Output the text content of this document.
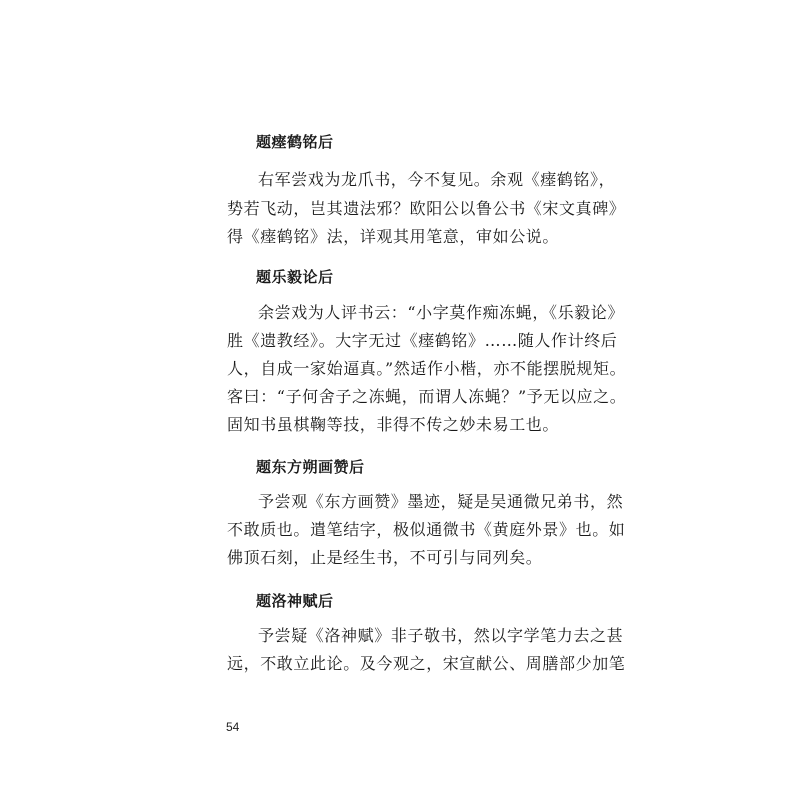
题瘗鹤铭后
右军尝戏为龙爪书，今不复见。余观《瘗鹤铭》，
势若飞动，岂其遗法邪？欧阳公以鲁公书《宋文真碑》
得《瘗鹤铭》法，详观其用笔意，审如公说。
题乐毅论后
余尝戏为人评书云：“小字莫作痴冻蝇，《乐毅论》
胜《遗教经》。大字无过《瘗鹤铭》……随人作计终后
人，自成一家始逼真。”然适作小楷，亦不能摆脱规矩。
客曰：“子何舍子之冻蝇，而谓人冻蝇？”予无以应之。
固知书虽棋鞠等技，非得不传之妙未易工也。
题东方朔画赞后
予尝观《东方画赞》墨迹，疑是吴通微兄弟书，然
不敢质也。遣笔结字，极似通微书《黄庭外景》也。如
佛顶石刻，止是经生书，不可引与同列矣。
题洛神赋后
予尝疑《洛神赋》非子敬书，然以字学笔力去之甚
远，不敢立此论。及今观之，宋宣献公、周膳部少加笔
54
